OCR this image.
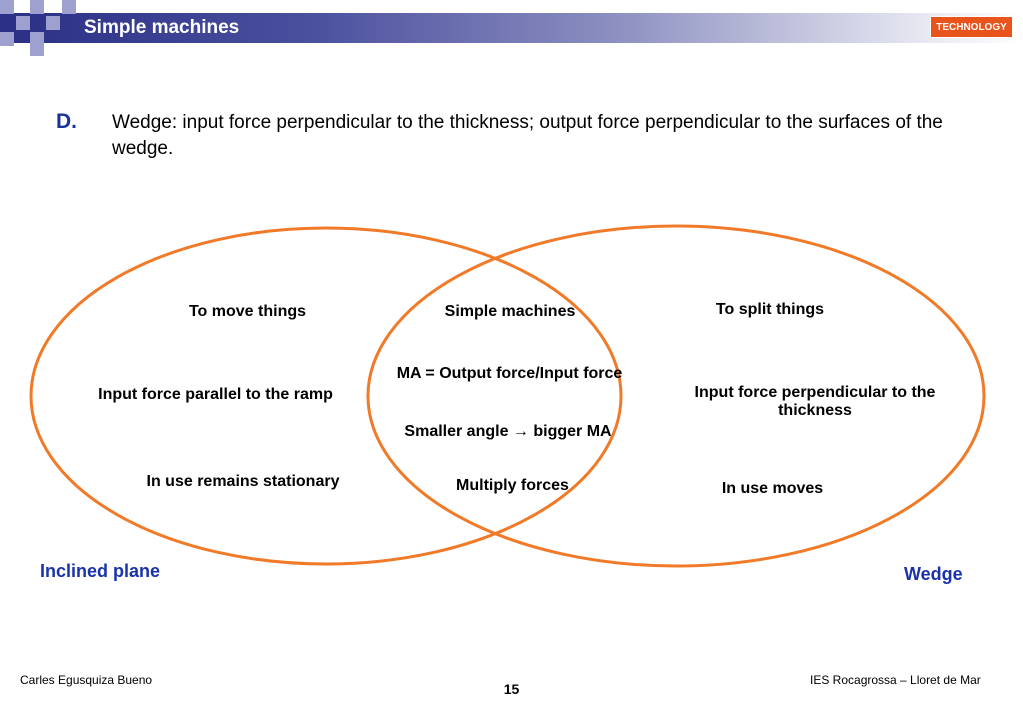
Simple machines	TECHNOLOGY
D. Wedge: input force perpendicular to the thickness; output force perpendicular to the surfaces of the wedge.
To move things
Input force parallel to the ramp
In use remains stationary
Simple machines
MA = Output force/Input force
Smaller angle → bigger MA
Multiply forces
To split things
Input force perpendicular to the thickness
In use moves
Inclined plane	Wedge
Carles Egusquiza Bueno	IES Rocagrossa – Lloret de Mar
15
